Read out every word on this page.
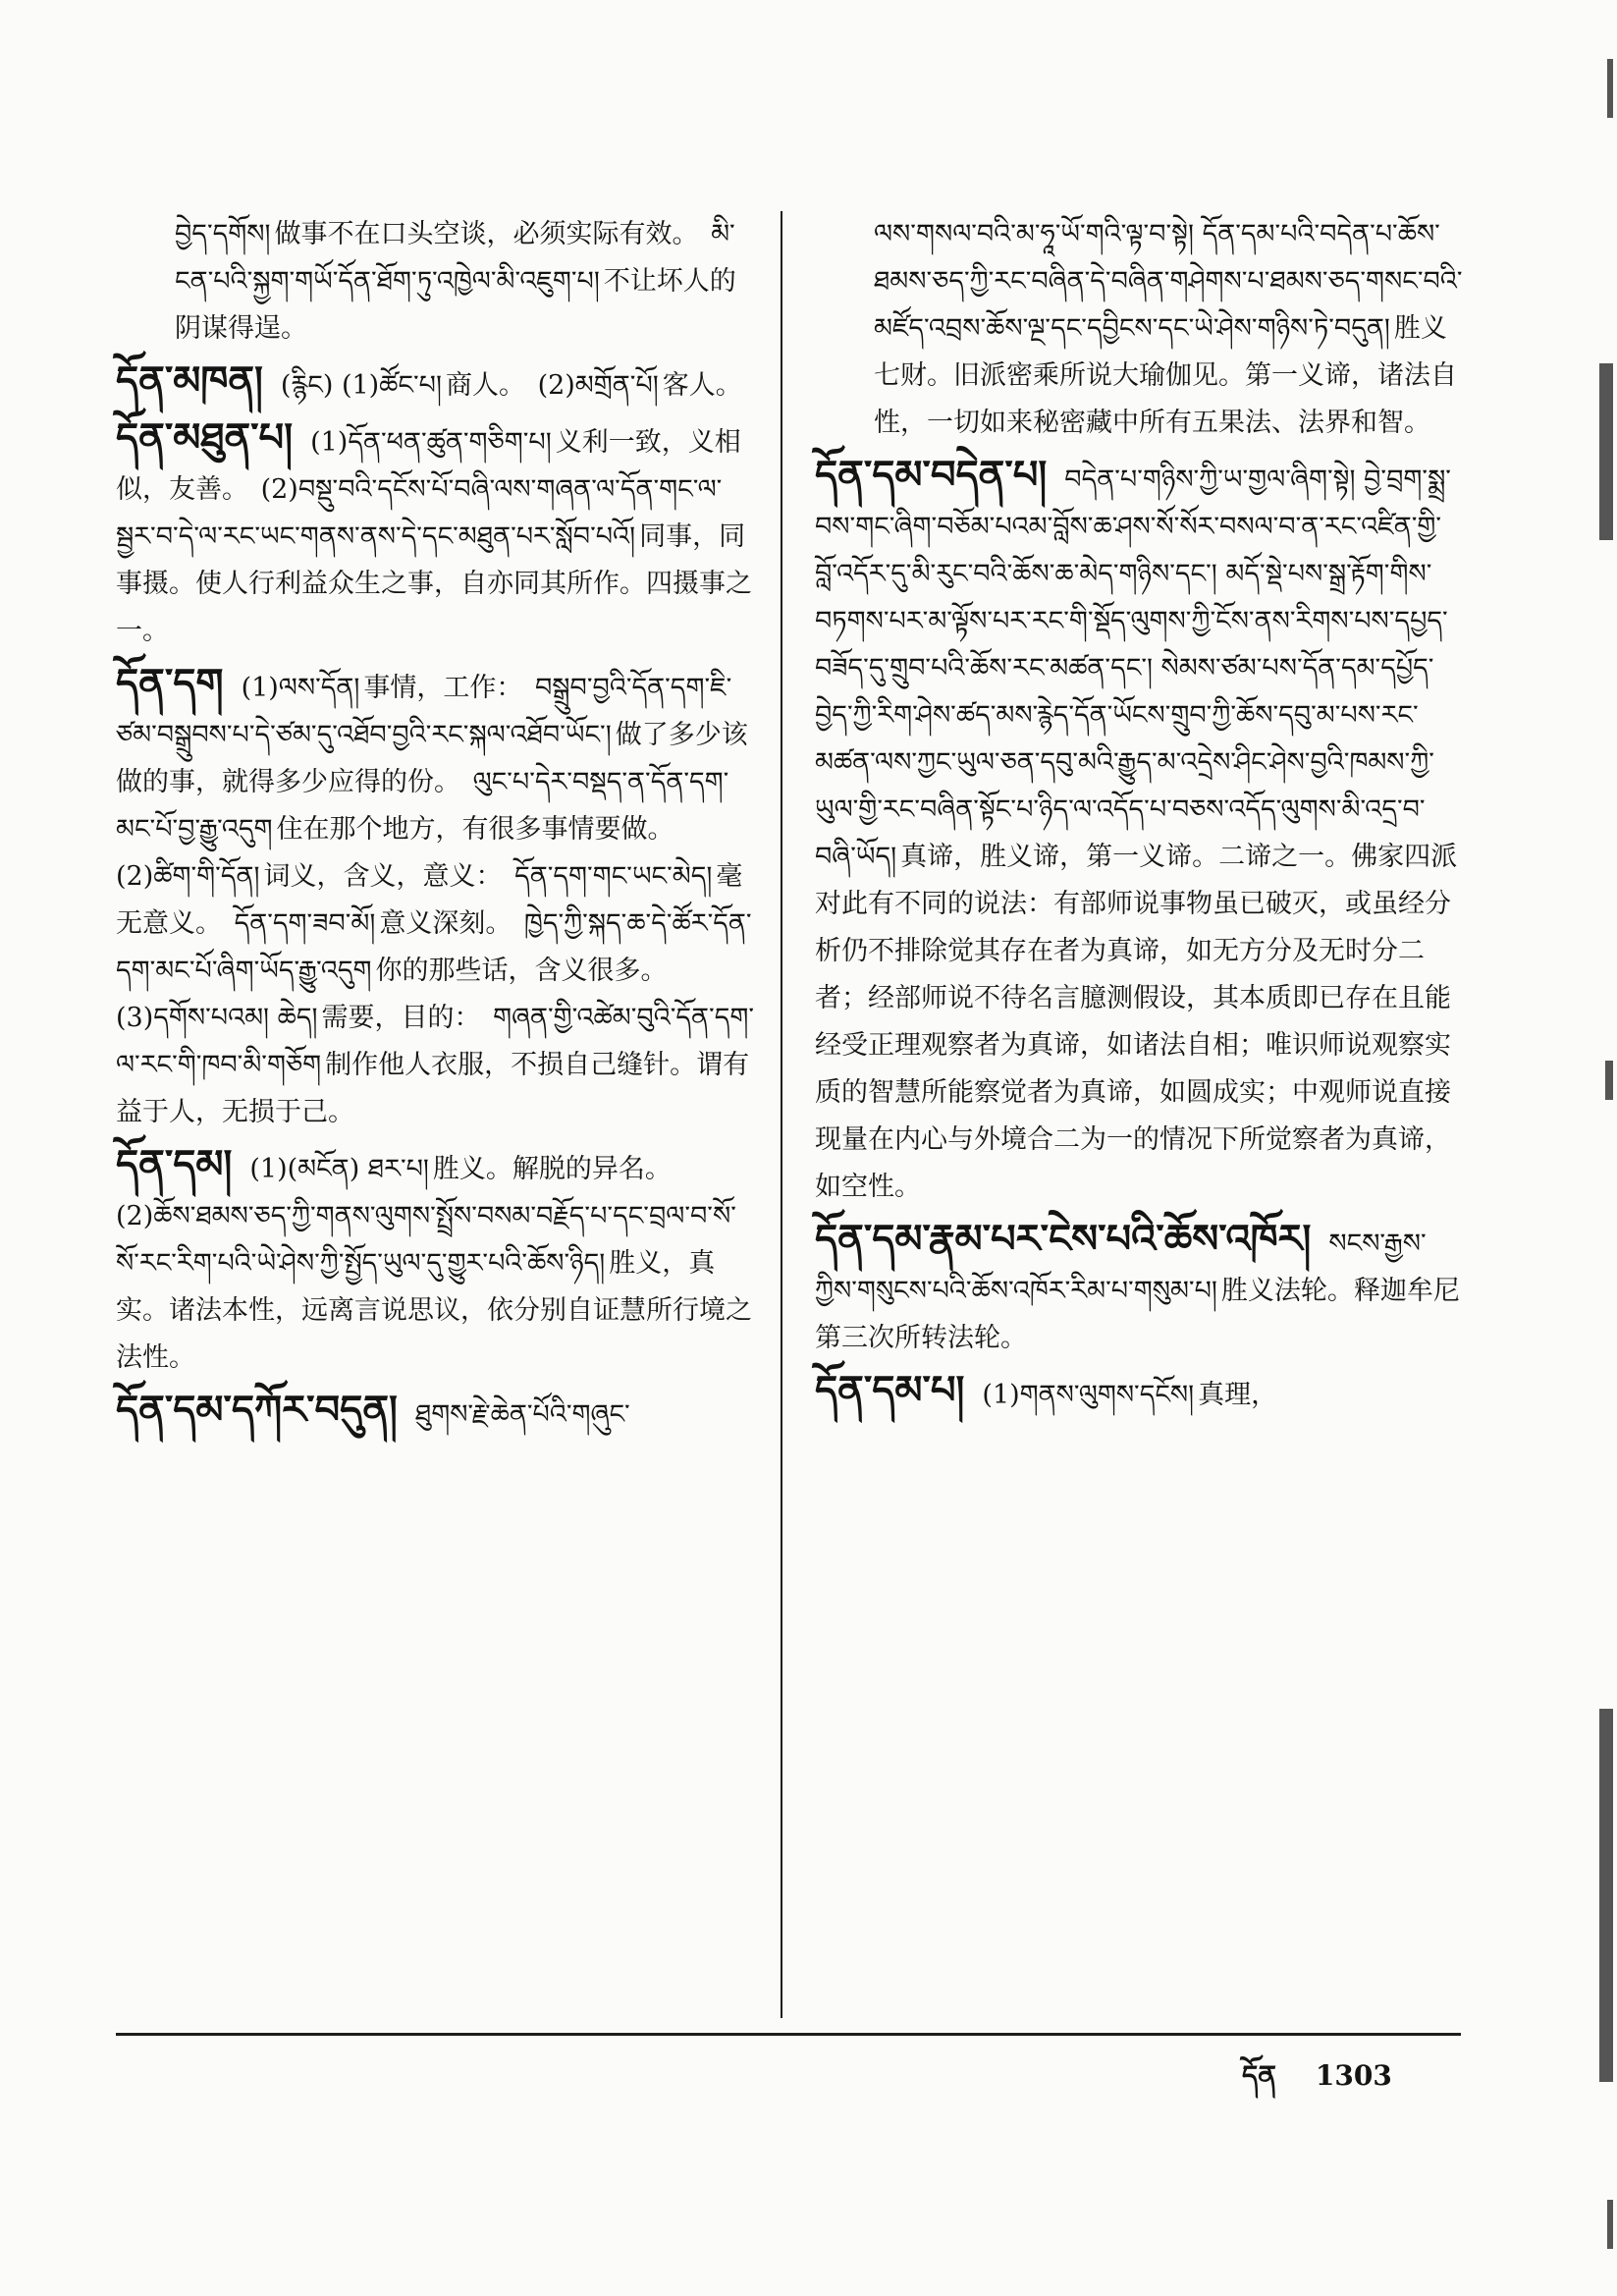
བྱེད་དགོས། 做事不在口头空谈，必须实际有效。 མི་ངན་པའི་སྐྱག་གཡོ་དོན་ཐོག་ཏུ་འཁྱེལ་མི་འཇུག་པ། 不让坏人的阴谋得逞。
དོན་མཁན། (རྙིང) (1)ཚོང་པ། 商人。 (2)མགྲོན་པོ། 客人。
དོན་མཐུན་པ། (1)དོན་ཕན་ཚུན་གཅིག་པ། 义利一致，义相似，友善。 (2)བསྡུ་བའི་དངོས་པོ་བཞི་ལས་གཞན་ལ་དོན་གང་ལ་སྦྱར་བ་དེ་ལ་རང་ཡང་གནས་ནས་དེ་དང་མཐུན་པར་སློབ་པའོ། 同事，同事摄。使人行利益众生之事，自亦同其所作。四摄事之一。
དོན་དག (1)ལས་དོན། 事情，工作： བསྒྲུབ་བྱའི་དོན་དག་ཇི་ཙམ་བསྒྲུབས་པ་དེ་ཙམ་དུ་འཐོབ་བྱའི་རང་སྐལ་འཐོབ་ཡོང་། 做了多少该做的事，就得多少应得的份。 ལུང་པ་དེར་བསྡད་ན་དོན་དག་མང་པོ་བྱ་རྒྱུ་འདུག 住在那个地方，有很多事情要做。 (2)ཚིག་གི་དོན། 词义，含义，意义： དོན་དག་གང་ཡང་མེད། 毫无意义。 དོན་དག་ཟབ་མོ། 意义深刻。 ཁྱེད་ཀྱི་སྐད་ཆ་དེ་ཚོར་དོན་དག་མང་པོ་ཞིག་ཡོད་རྒྱུ་འདུག 你的那些话，含义很多。 (3)དགོས་པའམ། ཆེད། 需要，目的： གཞན་གྱི་འཚེམ་བུའི་དོན་དག་ལ་རང་གི་ཁབ་མི་གཅོག 制作他人衣服，不损自己缝针。谓有益于人，无损于己。
དོན་དམ། (1)(མངོན) ཐར་པ། 胜义。解脱的异名。 (2)ཆོས་ཐམས་ཅད་ཀྱི་གནས་ལུགས་སྤྲོས་བསམ་བརྗོད་པ་དང་བྲལ་བ་སོ་སོ་རང་རིག་པའི་ཡེ་ཤེས་ཀྱི་སྤྱོད་ཡུལ་དུ་གྱུར་པའི་ཆོས་ཉིད། 胜义，真实。诸法本性，远离言说思议，依分别自证慧所行境之法性。
དོན་དམ་དཀོར་བདུན། ཐུགས་རྗེ་ཆེན་པོའི་གཞུང་
ལས་གསལ་བའི་མ་ཧཱ་ཡོ་གའི་ལྟ་བ་སྟེ། དོན་དམ་པའི་བདེན་པ་ཆོས་ཐམས་ཅད་ཀྱི་རང་བཞིན་དེ་བཞིན་གཤེགས་པ་ཐམས་ཅད་གསང་བའི་མཛོད་འབྲས་ཆོས་ལྔ་དང་དབྱིངས་དང་ཡེ་ཤེས་གཉིས་ཏེ་བདུན། 胜义七财。旧派密乘所说大瑜伽见。第一义谛，诸法自性，一切如来秘密藏中所有五果法、法界和智。
དོན་དམ་བདེན་པ། བདེན་པ་གཉིས་ཀྱི་ཡ་གྱལ་ཞིག་སྟེ། བྱེ་བྲག་སྨྲ་བས་གང་ཞིག་བཅོམ་པའམ་བློས་ཆ་ཤས་སོ་སོར་བསལ་བ་ན་རང་འཛིན་གྱི་བློ་འདོར་དུ་མི་རུང་བའི་ཆོས་ཆ་མེད་གཉིས་དང་། མདོ་སྡེ་པས་སྒྲ་རྟོག་གིས་བཏགས་པར་མ་ལྟོས་པར་རང་གི་སྡོད་ལུགས་ཀྱི་ངོས་ནས་རིགས་པས་དཔྱད་བཟོད་དུ་གྲུབ་པའི་ཆོས་རང་མཚན་དང་། སེམས་ཙམ་པས་དོན་དམ་དཔྱོད་བྱེད་ཀྱི་རིག་ཤེས་ཚད་མས་རྙེད་དོན་ཡོངས་གྲུབ་ཀྱི་ཆོས་དབུ་མ་པས་རང་མཚན་ལས་ཀྱང་ཡུལ་ཅན་དབུ་མའི་རྒྱུད་མ་འདྲེས་ཤིང་ཤེས་བྱའི་ཁམས་ཀྱི་ཡུལ་གྱི་རང་བཞིན་སྟོང་པ་ཉིད་ལ་འདོད་པ་བཅས་འདོད་ལུགས་མི་འདྲ་བ་བཞི་ཡོད། 真谛，胜义谛，第一义谛。二谛之一。佛家四派对此有不同的说法：有部师说事物虽已破灭，或虽经分析仍不排除觉其存在者为真谛，如无方分及无时分二者；经部师说不待名言臆测假设，其本质即已存在且能经受正理观察者为真谛，如诸法自相；唯识师说观察实质的智慧所能察觉者为真谛，如圆成实；中观师说直接现量在内心与外境合二为一的情况下所觉察者为真谛，如空性。
དོན་དམ་རྣམ་པར་ངེས་པའི་ཆོས་འཁོར། སངས་རྒྱས་ཀྱིས་གསུངས་པའི་ཆོས་འཁོར་རིམ་པ་གསུམ་པ། 胜义法轮。释迦牟尼第三次所转法轮。
དོན་དམ་པ། (1)གནས་ལུགས་དངོས། 真理，
དོན 1303
